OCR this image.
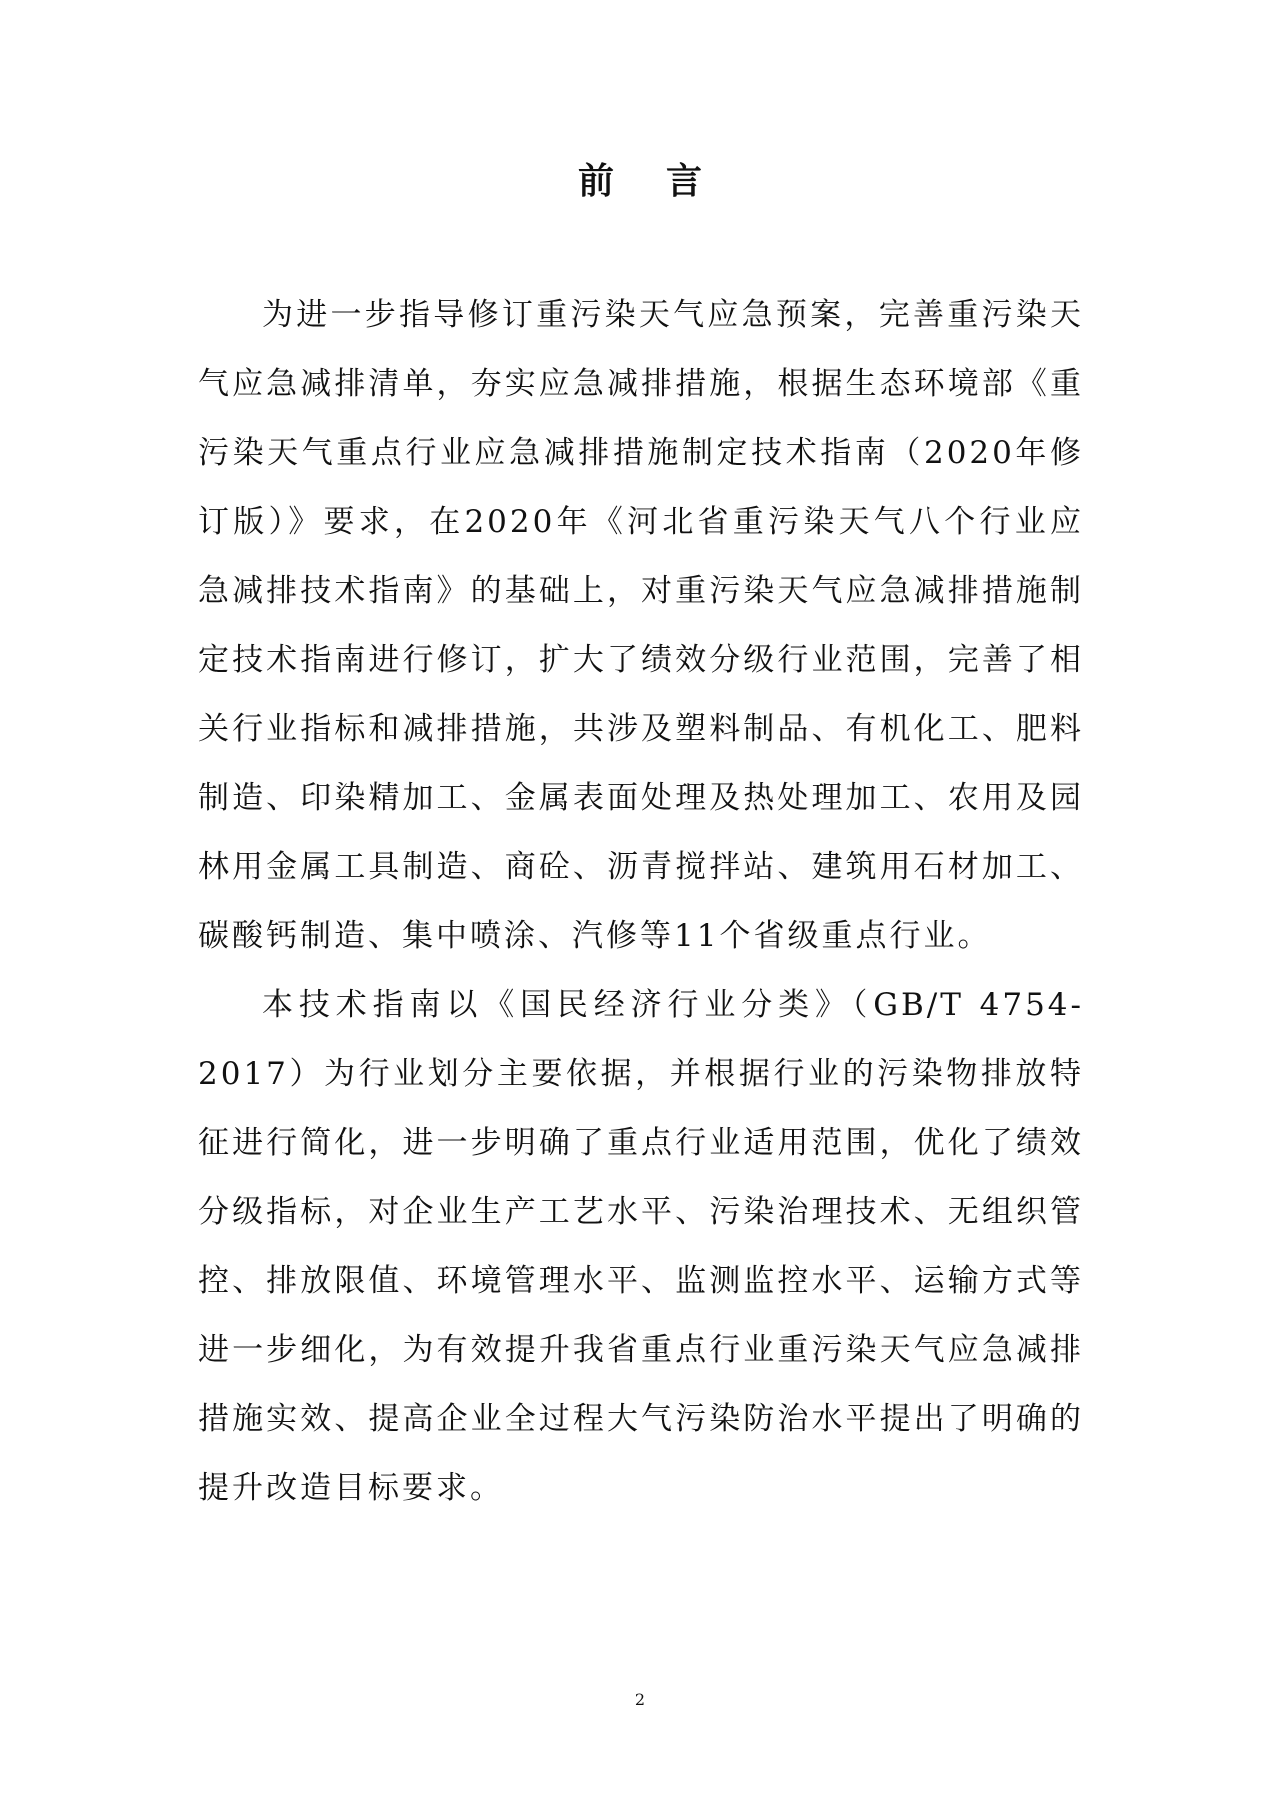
前言

为进一步指导修订重污染天气应急预案，完善重污染天气应急减排清单，夯实应急减排措施，根据生态环境部《重污染天气重点行业应急减排措施制定技术指南（2020年修订版）》要求，在2020年《河北省重污染天气八个行业应急减排技术指南》的基础上，对重污染天气应急减排措施制定技术指南进行修订，扩大了绩效分级行业范围，完善了相关行业指标和减排措施，共涉及塑料制品、有机化工、肥料制造、印染精加工、金属表面处理及热处理加工、农用及园林用金属工具制造、商砼、沥青搅拌站、建筑用石材加工、碳酸钙制造、集中喷涂、汽修等11个省级重点行业。

本技术指南以《国民经济行业分类》（GB/T 4754-2017）为行业划分主要依据，并根据行业的污染物排放特征进行简化，进一步明确了重点行业适用范围，优化了绩效分级指标，对企业生产工艺水平、污染治理技术、无组织管控、排放限值、环境管理水平、监测监控水平、运输方式等进一步细化，为有效提升我省重点行业重污染天气应急减排措施实效、提高企业全过程大气污染防治水平提出了明确的提升改造目标要求。

2
